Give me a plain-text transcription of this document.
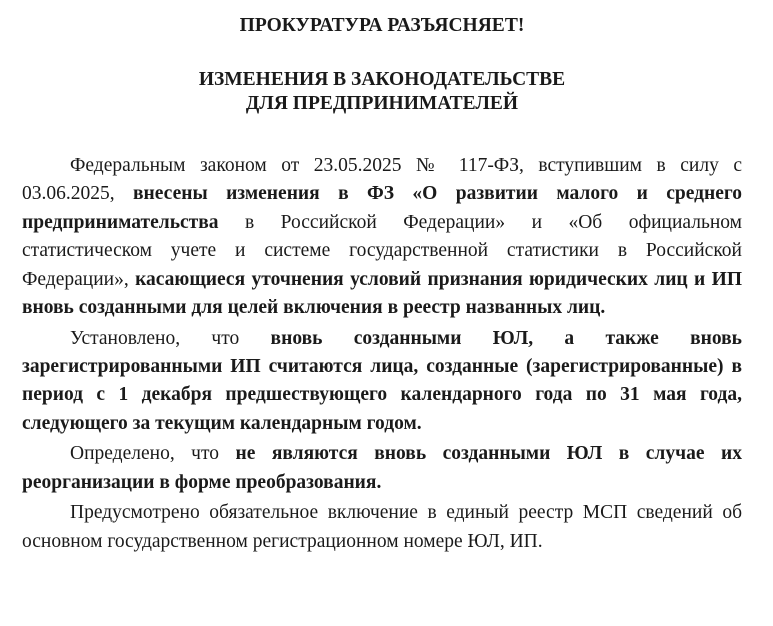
ПРОКУРАТУРА РАЗЪЯСНЯЕТ!
ИЗМЕНЕНИЯ В ЗАКОНОДАТЕЛЬСТВЕ
ДЛЯ ПРЕДПРИНИМАТЕЛЕЙ

Федеральным законом от 23.05.2025 № 117-ФЗ, вступившим в силу с 03.06.2025, внесены изменения в ФЗ «О развитии малого и среднего предпринимательства в Российской Федерации» и «Об официальном статистическом учете и системе государственной статистики в Российской Федерации», касающиеся уточнения условий признания юридических лиц и ИП вновь созданными для целей включения в реестр названных лиц.

Установлено, что вновь созданными ЮЛ, а также вновь зарегистрированными ИП считаются лица, созданные (зарегистрированные) в период с 1 декабря предшествующего календарного года по 31 мая года, следующего за текущим календарным годом.

Определено, что не являются вновь созданными ЮЛ в случае их реорганизации в форме преобразования.

Предусмотрено обязательное включение в единый реестр МСП сведений об основном государственном регистрационном номере ЮЛ, ИП.
